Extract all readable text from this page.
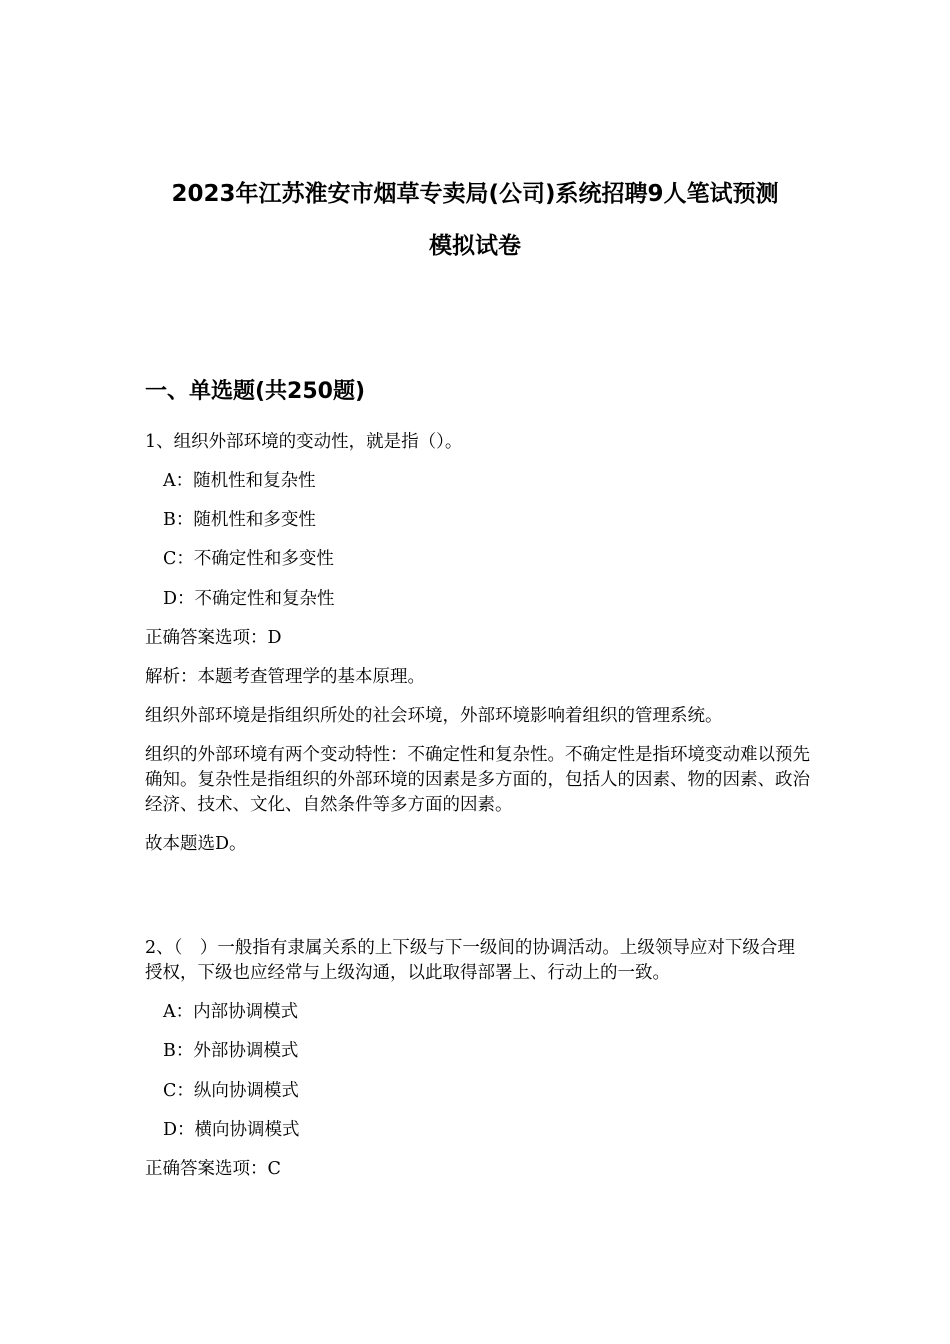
2023年江苏淮安市烟草专卖局(公司)系统招聘9人笔试预测
模拟试卷
一、单选题(共250题)
1、组织外部环境的变动性，就是指（）。
A：随机性和复杂性
B：随机性和多变性
C：不确定性和多变性
D：不确定性和复杂性
正确答案选项：D
解析：本题考查管理学的基本原理。
组织外部环境是指组织所处的社会环境，外部环境影响着组织的管理系统。
组织的外部环境有两个变动特性：不确定性和复杂性。不确定性是指环境变动难以预先确知。复杂性是指组织的外部环境的因素是多方面的，包括人的因素、物的因素、政治经济、技术、文化、自然条件等多方面的因素。
故本题选D。
2、（　）一般指有隶属关系的上下级与下一级间的协调活动。上级领导应对下级合理授权，下级也应经常与上级沟通，以此取得部署上、行动上的一致。
A：内部协调模式
B：外部协调模式
C：纵向协调模式
D：横向协调模式
正确答案选项：C
